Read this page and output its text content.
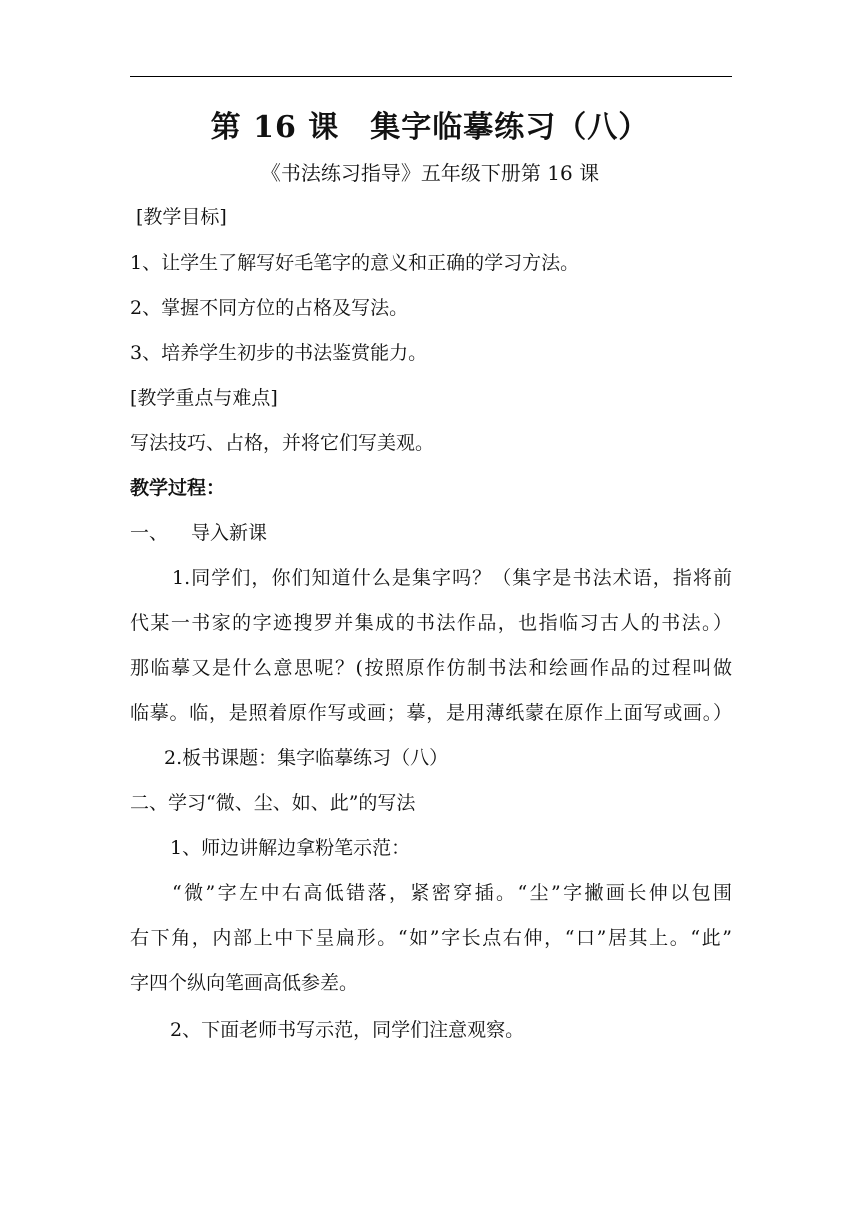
第 16 课　集字临摹练习（八）
《书法练习指导》五年级下册第 16 课
[教学目标]
1、让学生了解写好毛笔字的意义和正确的学习方法。
2、掌握不同方位的占格及写法。
3、培养学生初步的书法鉴赏能力。
[教学重点与难点]
写法技巧、占格，并将它们写美观。
教学过程：
一、	导入新课
1.同学们，你们知道什么是集字吗？（集字是书法术语，指将前
代某一书家的字迹搜罗并集成的书法作品，也指临习古人的书法。）
那临摹又是什么意思呢？(按照原作仿制书法和绘画作品的过程叫做
临摹。临，是照着原作写或画；摹，是用薄纸蒙在原作上面写或画。）
2.板书课题：集字临摹练习（八）
二、学习“微、尘、如、此”的写法
1、师边讲解边拿粉笔示范：
“微”字左中右高低错落，紧密穿插。“尘”字撇画长伸以包围
右下角，内部上中下呈扁形。“如”字长点右伸，“口”居其上。“此”
字四个纵向笔画高低参差。
2、下面老师书写示范，同学们注意观察。
